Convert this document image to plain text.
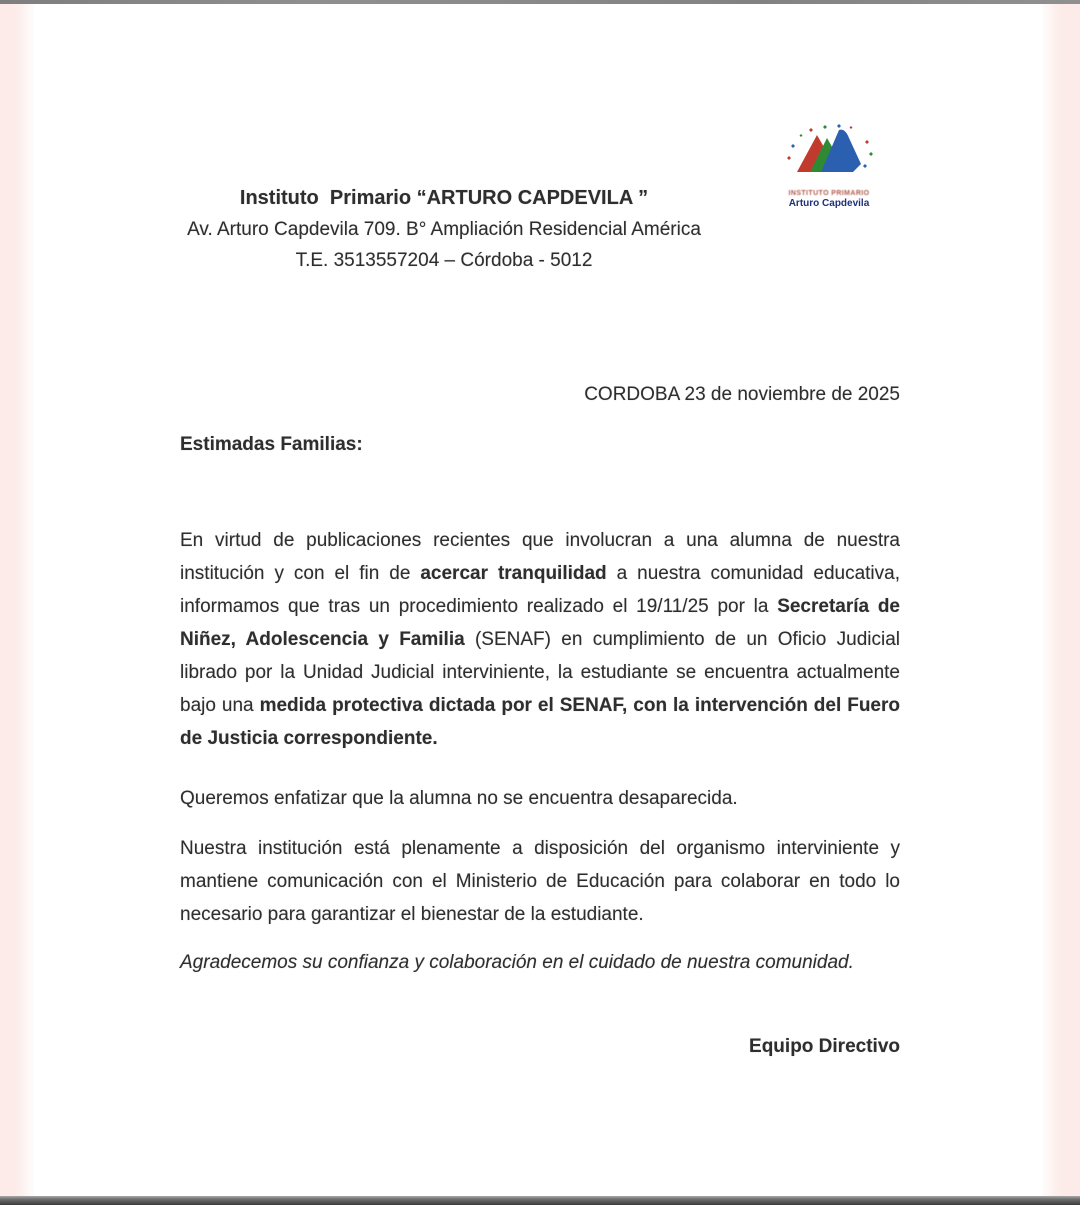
INSTITUTO PRIMARIO
Arturo Capdevila
Instituto  Primario “ARTURO CAPDEVILA ”
Av. Arturo Capdevila 709. B° Ampliación Residencial América
T.E. 3513557204 – Córdoba - 5012
CORDOBA 23 de noviembre de 2025
Estimadas Familias:
En virtud de publicaciones recientes que involucran a una alumna de nuestra institución y con el fin de acercar tranquilidad a nuestra comunidad educativa, informamos que tras un procedimiento realizado el 19/11/25 por la Secretaría de Niñez, Adolescencia y Familia (SENAF) en cumplimiento de un Oficio Judicial librado por la Unidad Judicial interviniente, la estudiante se encuentra actualmente bajo una medida protectiva dictada por el SENAF, con la intervención del Fuero de Justicia correspondiente.
Queremos enfatizar que la alumna no se encuentra desaparecida.
Nuestra institución está plenamente a disposición del organismo interviniente y mantiene comunicación con el Ministerio de Educación para colaborar en todo lo necesario para garantizar el bienestar de la estudiante.
Agradecemos su confianza y colaboración en el cuidado de nuestra comunidad.
Equipo Directivo
